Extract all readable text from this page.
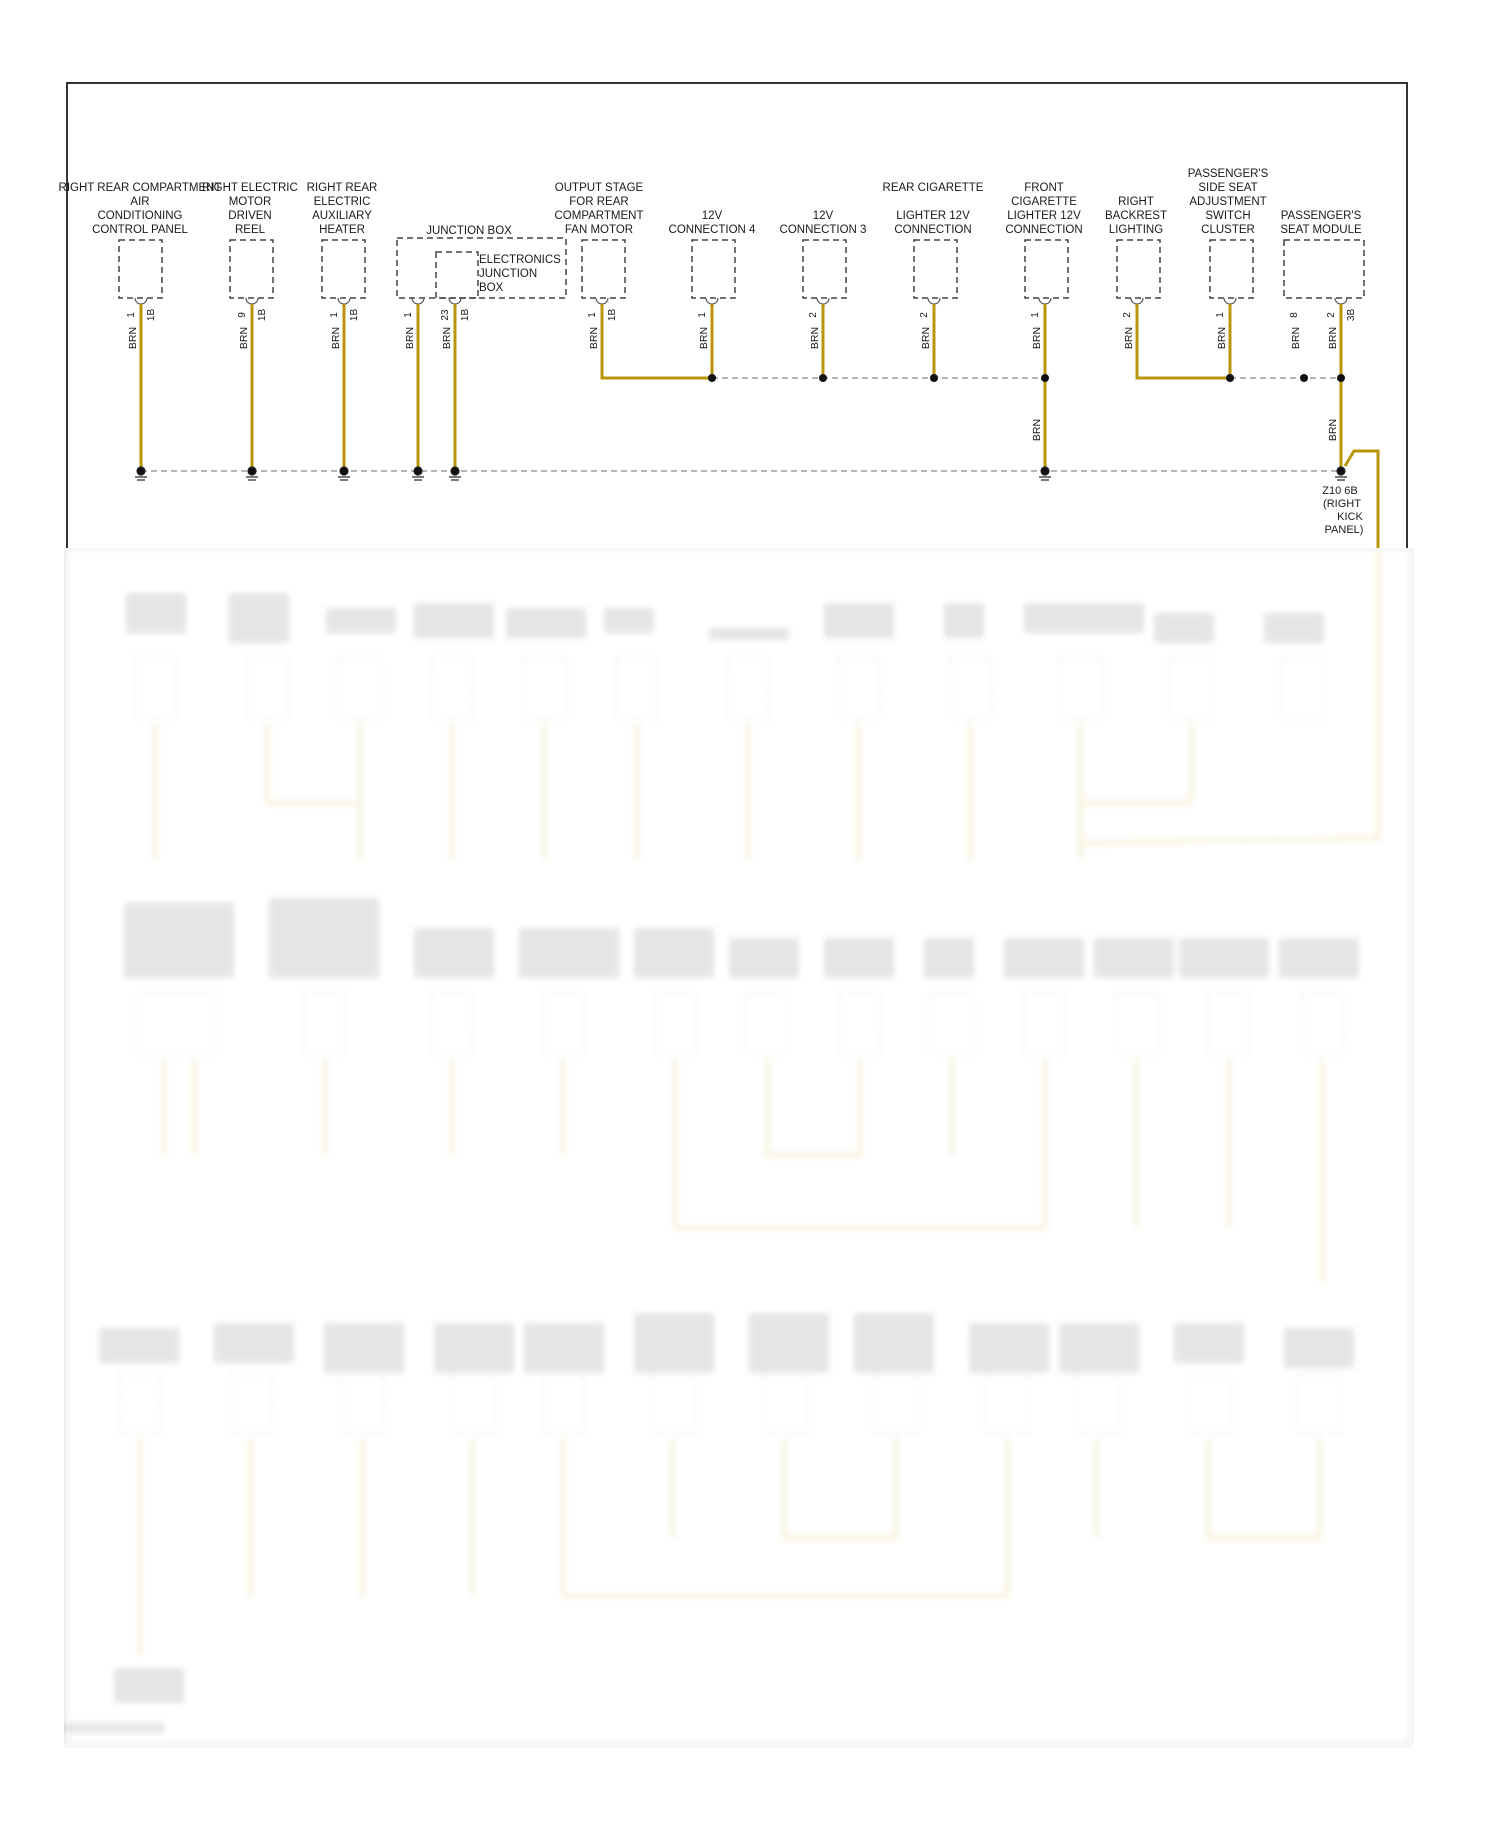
RIGHT REAR COMPARTMENT
AIR
CONDITIONING
CONTROL PANEL
RIGHT ELECTRIC
MOTOR
DRIVEN
REEL
RIGHT REAR
ELECTRIC
AUXILIARY
HEATER	JUNCTION BOX
ELECTRONICS
JUNCTION
BOX
OUTPUT STAGE
FOR REAR
COMPARTMENT
FAN MOTOR
12V
CONNECTION 4
12V
CONNECTION 3
REAR CIGARETTE
LIGHTER 12V
CONNECTION
FRONT
CIGARETTE
LIGHTER 12V
CONNECTION
RIGHT
BACKREST
LIGHTING
PASSENGER'S
SIDE SEAT
ADJUSTMENT
SWITCH
CLUSTER
PASSENGER'S
SEAT MODULE
1 1B	9 1B	1 1B	1	23 1B	1 1B	1	2	2	1	2	1	8	2 3B
BRN	BRN	BRN	BRN BRN	BRN	BRN	BRN	BRN	BRN	BRN	BRN	BRN BRN
BRN	BRN
Z10 6B
(RIGHT
KICK
PANEL)
